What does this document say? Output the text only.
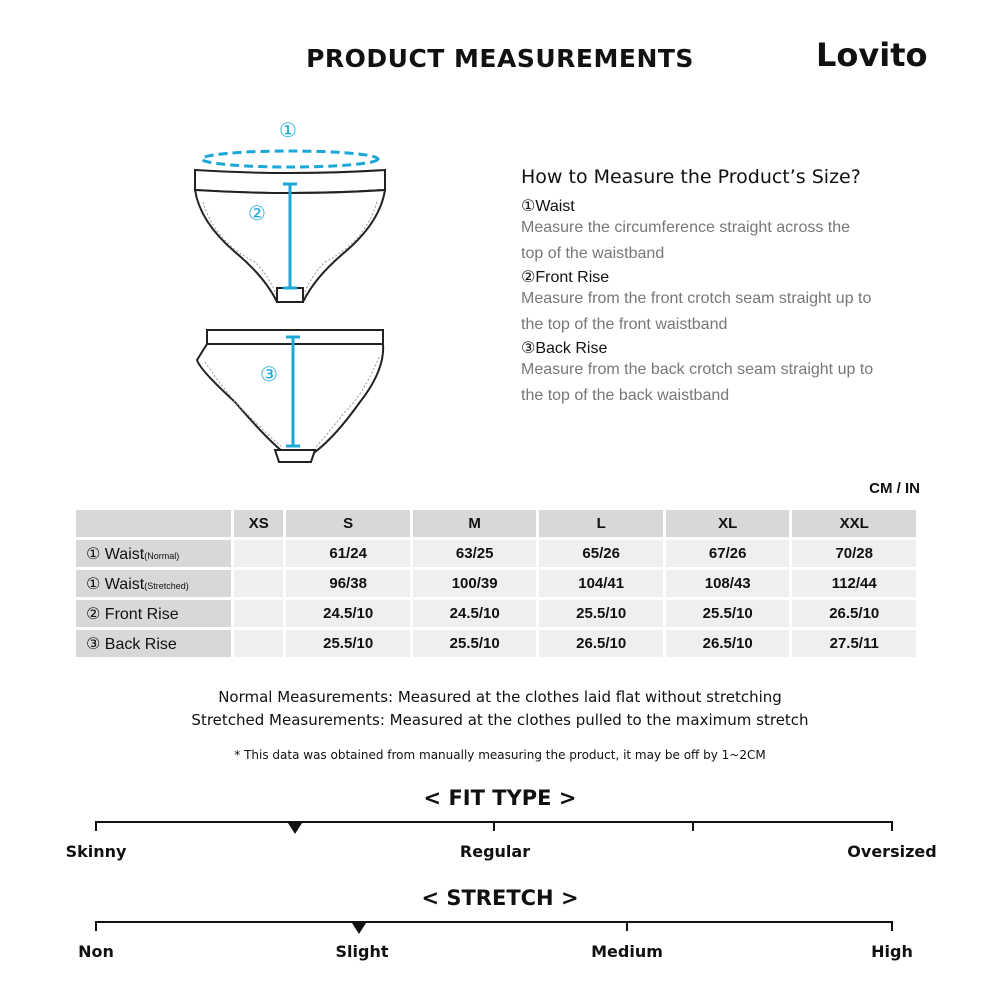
PRODUCT MEASUREMENTS	Lovito
①
②
③
How to Measure the Product’s Size?
①Waist
Measure the circumference straight across the
top of the waistband
②Front Rise
Measure from the front crotch seam straight up to
the top of the front waistband
③Back Rise
Measure from the back crotch seam straight up to
the top of the back waistband
CM / IN
	XS	S	M	L	XL	XXL
① Waist(Normal)		61/24	63/25	65/26	67/26	70/28
① Waist(Stretched)		96/38	100/39	104/41	108/43	112/44
② Front Rise		24.5/10	24.5/10	25.5/10	25.5/10	26.5/10
③ Back Rise		25.5/10	25.5/10	26.5/10	26.5/10	27.5/11
Normal Measurements: Measured at the clothes laid flat without stretching
Stretched Measurements: Measured at the clothes pulled to the maximum stretch
* This data was obtained from manually measuring the product, it may be off by 1~2CM
< FIT TYPE >
Skinny	Regular	Oversized
< STRETCH >
Non	Slight	Medium	High
